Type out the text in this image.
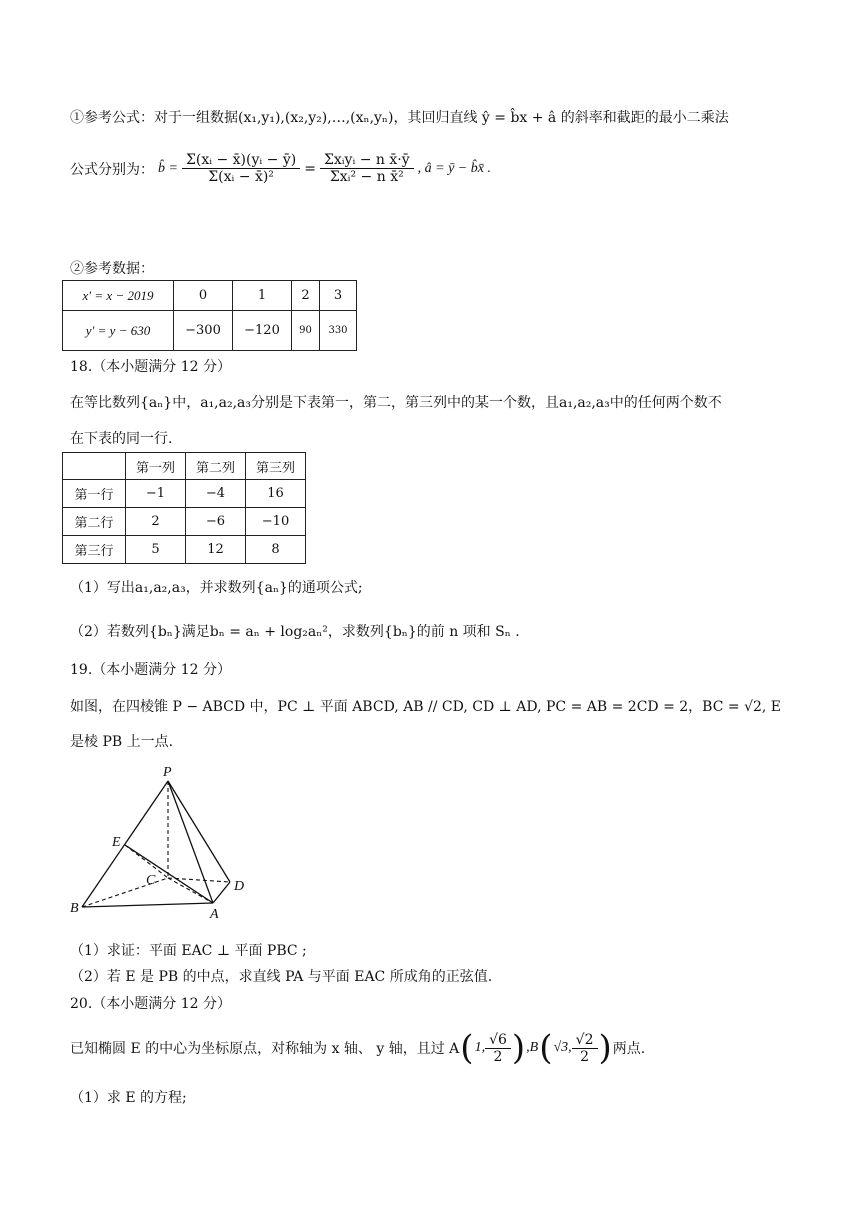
①参考公式：对于一组数据(x₁,y₁),(x₂,y₂),…,(xₙ,yₙ)，其回归直线 ŷ = b̂x + â 的斜率和截距的最小二乘法
公式分别为： b̂ = $\frac{\text{Σ(xᵢ − x̄)(yᵢ − ȳ)}}{\text{Σ(xᵢ − x̄)²}} = \frac{\text{Σxᵢyᵢ − n x̄·ȳ}}{\text{Σxᵢ² − n x̄²}}$ , â = ȳ − b̂x̄ .
②参考数据：
x′ = x − 2019	0	1	2	3
y′ = y − 630	−300	−120	90	330
18.（本小题满分 12 分）
在等比数列{aₙ}中，a₁,a₂,a₃分别是下表第一，第二，第三列中的某一个数，且a₁,a₂,a₃中的任何两个数不
在下表的同一行.
	第一列	第二列	第三列
第一行	−1	−4	16
第二行	2	−6	−10
第三行	5	12	8
（1）写出a₁,a₂,a₃，并求数列{aₙ}的通项公式;
（2）若数列{bₙ}满足bₙ = aₙ + log₂aₙ²，求数列{bₙ}的前 n 项和 Sₙ .
19.（本小题满分 12 分）
如图，在四棱锥 P − ABCD 中，PC ⊥ 平面 ABCD, AB // CD, CD ⊥ AD, PC = AB = 2CD = 2，BC = √2, E
是棱 PB 上一点.
P
E
C	D
B	A
（1）求证：平面 EAC ⊥ 平面 PBC ;
（2）若 E 是 PB 的中点，求直线 PA 与平面 EAC 所成角的正弦值.
20.（本小题满分 12 分）
已知椭圆 E 的中心为坐标原点，对称轴为 x 轴、 y 轴，且过 A ( 1, $\frac{√6}{2}$ ) ,B ( √3, $\frac{√2}{2}$ ) 两点.
（1）求 E 的方程;
